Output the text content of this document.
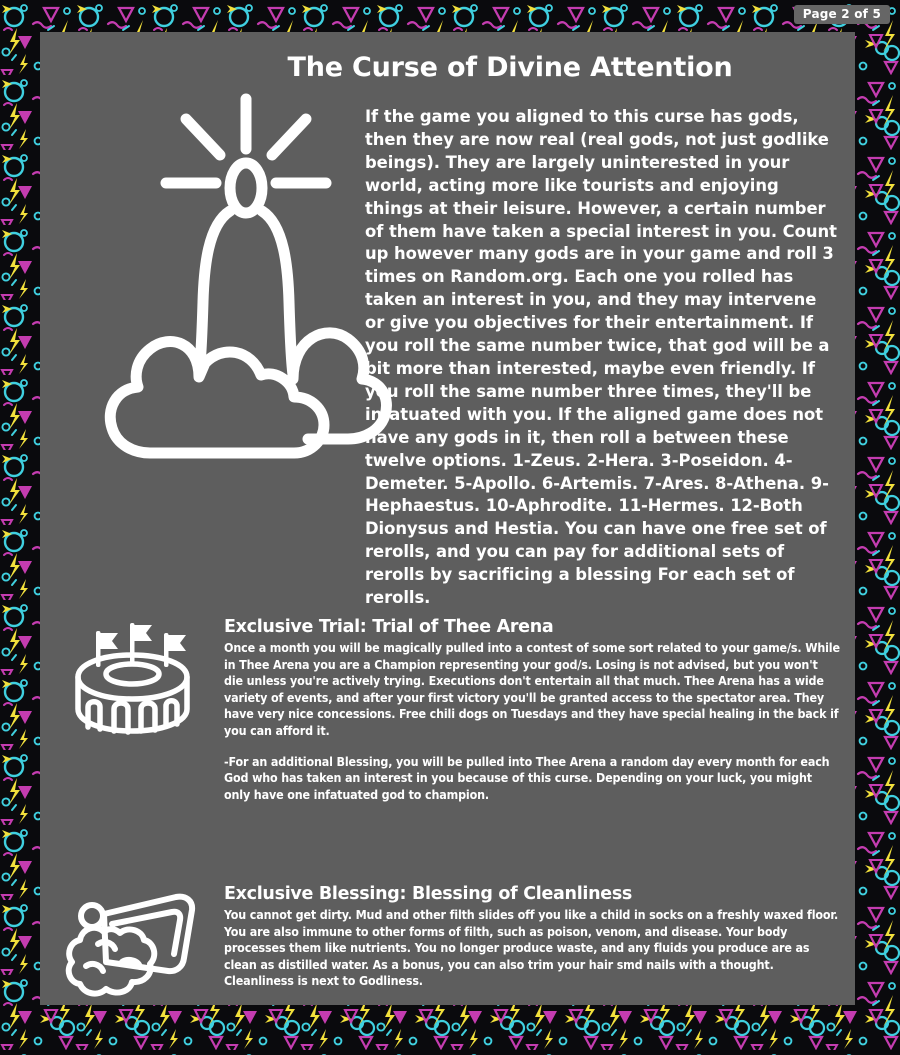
The Curse of Divine Attention
If the game you aligned to this curse has gods, then they are now real (real gods, not just godlike beings). They are largely uninterested in your world, acting more like tourists and enjoying things at their leisure. However, a certain number of them have taken a special interest in you. Count up however many gods are in your game and roll 3 times on Random.org. Each one you rolled has taken an interest in you, and they may intervene or give you objectives for their entertainment. If you roll the same number twice, that god will be a bit more than interested, maybe even friendly. If you roll the same number three times, they'll be infatuated with you. If the aligned game does not have any gods in it, then roll a between these twelve options. 1-Zeus. 2-Hera. 3-Poseidon. 4-Demeter. 5-Apollo. 6-Artemis. 7-Ares. 8-Athena. 9-Hephaestus. 10-Aphrodite. 11-Hermes. 12-Both Dionysus and Hestia. You can have one free set of rerolls, and you can pay for additional sets of rerolls by sacrificing a blessing For each set of rerolls.
Exclusive Trial: Trial of Thee Arena

Once a month you will be magically pulled into a contest of some sort related to your game/s. While in Thee Arena you are a Champion representing your god/s. Losing is not advised, but you won't die unless you're actively trying. Executions don't entertain all that much. Thee Arena has a wide variety of events, and after your first victory you'll be granted access to the spectator area. They have very nice concessions. Free chili dogs on Tuesdays and they have special healing in the back if you can afford it.

-For an additional Blessing, you will be pulled into Thee Arena a random day every month for each God who has taken an interest in you because of this curse. Depending on your luck, you might only have one infatuated god to champion.

Exclusive Blessing: Blessing of Cleanliness

You cannot get dirty. Mud and other filth slides off you like a child in socks on a freshly waxed floor. You are also immune to other forms of filth, such as poison, venom, and disease. Your body processes them like nutrients. You no longer produce waste, and any fluids you produce are as clean as distilled water. As a bonus, you can also trim your hair smd nails with a thought. Cleanliness is next to Godliness.

Page 2 of 5
